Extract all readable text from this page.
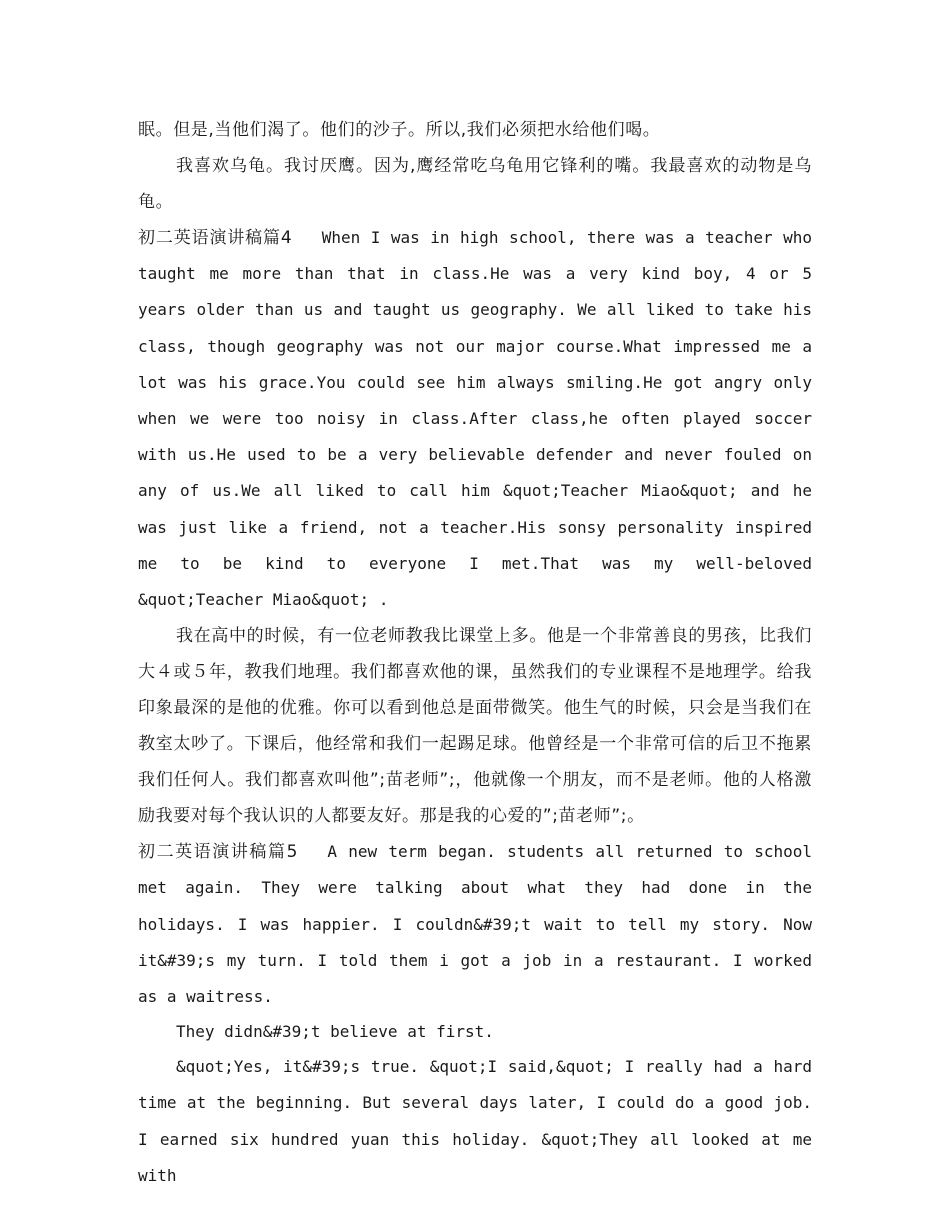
眠。但是,当他们渴了。他们的沙子。所以,我们必须把水给他们喝。

我喜欢乌龟。我讨厌鹰。因为,鹰经常吃乌龟用它锋利的嘴。我最喜欢的动物是乌龟。

初二英语演讲稿篇4 When I was in high school, there was a teacher who taught me more than that in class.He was a very kind boy, 4 or 5 years older than us and taught us geography. We all liked to take his class, though geography was not our major course.What impressed me a lot was his grace.You could see him always smiling.He got angry only when we were too noisy in class.After class,he often played soccer with us.He used to be a very believable defender and never fouled on any of us.We all liked to call him &quot;Teacher Miao&quot; and he was just like a friend, not a teacher.His sonsy personality inspired me to be kind to everyone I met.That was my well-beloved &quot;Teacher Miao&quot; .

我在高中的时候，有一位老师教我比课堂上多。他是一个非常善良的男孩，比我们大４或５年，教我们地理。我们都喜欢他的课，虽然我们的专业课程不是地理学。给我印象最深的是他的优雅。你可以看到他总是面带微笑。他生气的时候，只会是当我们在教室太吵了。下课后，他经常和我们一起踢足球。他曾经是一个非常可信的后卫不拖累我们任何人。我们都喜欢叫他”;苗老师”;，他就像一个朋友，而不是老师。他的人格激励我要对每个我认识的人都要友好。那是我的心爱的”;苗老师”;。

初二英语演讲稿篇5 A new term began. students all returned to school met again. They were talking about what they had done in the holidays. I was happier. I couldn&#39;t wait to tell my story. Now it&#39;s my turn. I told them i got a job in a restaurant. I worked as a waitress.

They didn&#39;t believe at first.

&quot;Yes, it&#39;s true. &quot;I said,&quot; I really had a hard time at the beginning. But several days later, I could do a good job. I earned six hundred yuan this holiday. &quot;They all looked at me with
